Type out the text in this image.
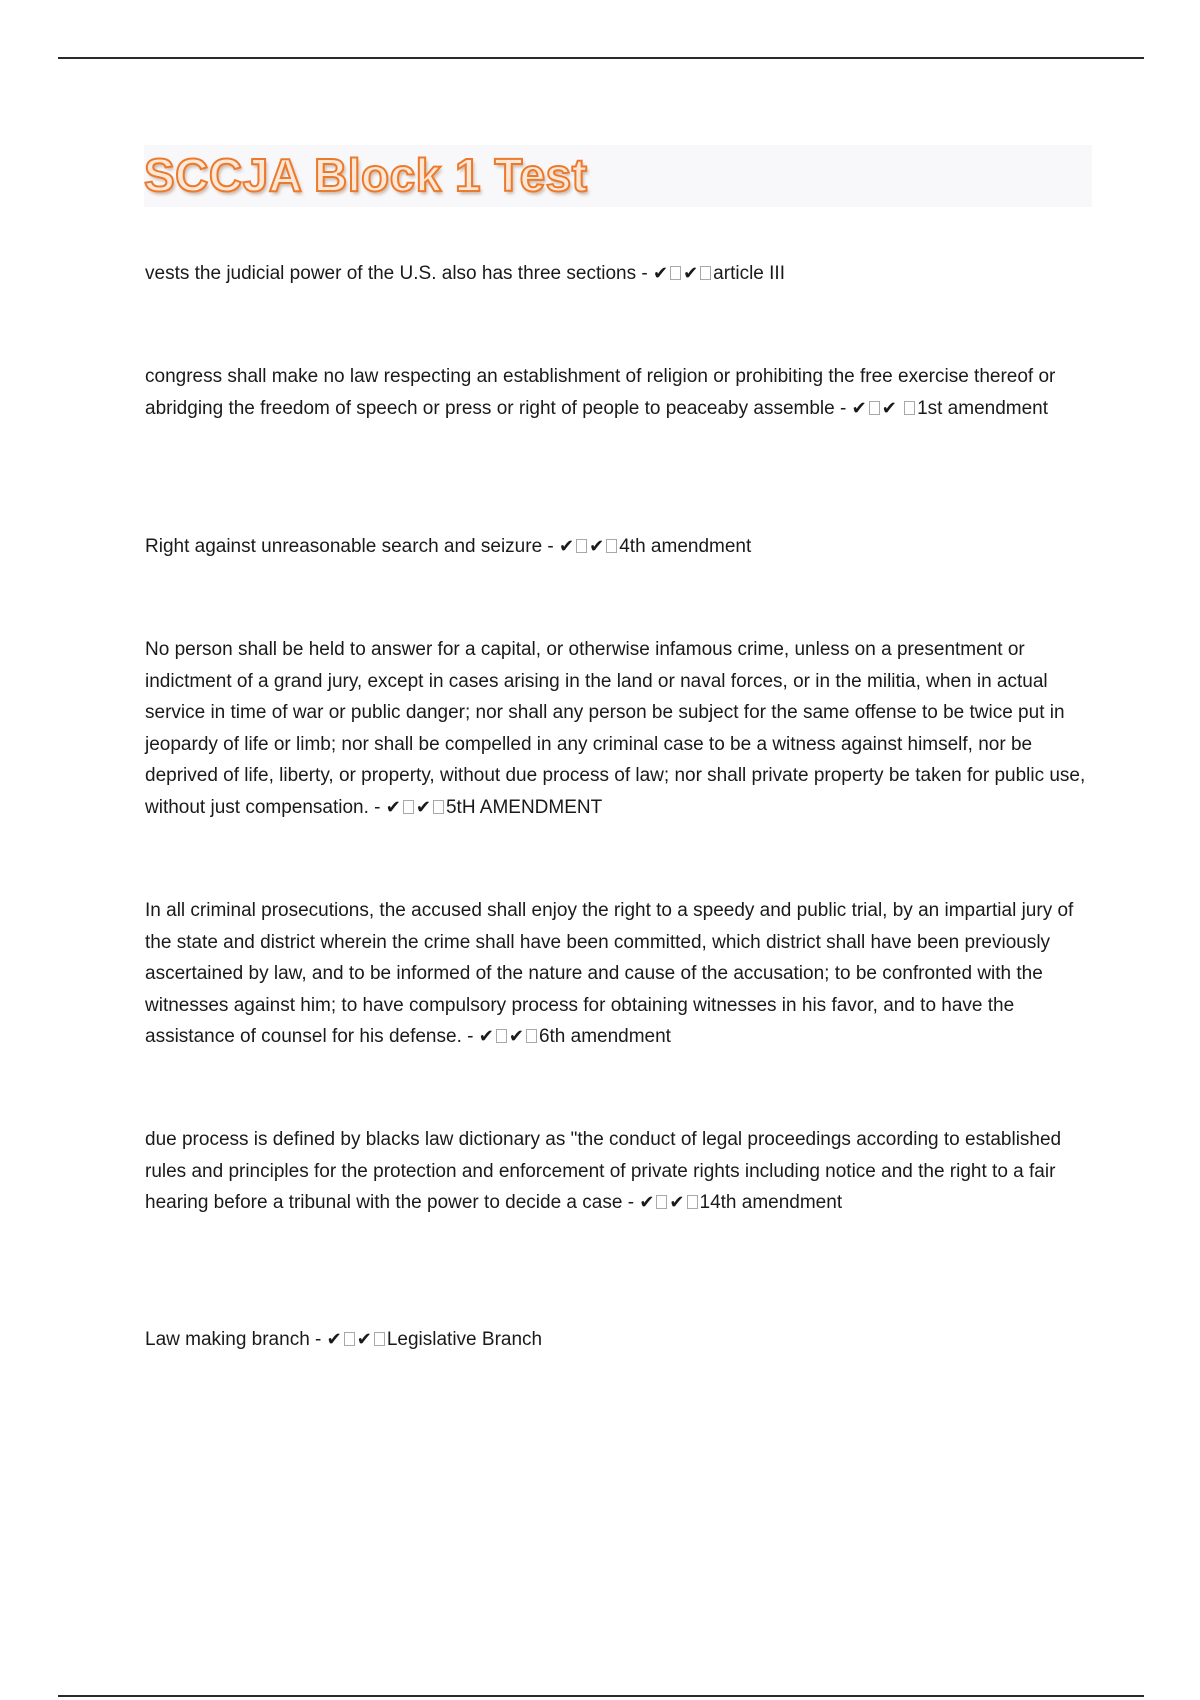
SCCJA Block 1 Test

vests the judicial power of the U.S. also has three sections - ✔ ✔ article III

congress shall make no law respecting an establishment of religion or prohibiting the free exercise thereof or abridging the freedom of speech or press or right of people to peaceaby assemble - ✔ ✔ 1st amendment

Right against unreasonable search and seizure - ✔ ✔ 4th amendment

No person shall be held to answer for a capital, or otherwise infamous crime, unless on a presentment or indictment of a grand jury, except in cases arising in the land or naval forces, or in the militia, when in actual service in time of war or public danger; nor shall any person be subject for the same offense to be twice put in jeopardy of life or limb; nor shall be compelled in any criminal case to be a witness against himself, nor be deprived of life, liberty, or property, without due process of law; nor shall private property be taken for public use, without just compensation. - ✔ ✔ 5tH AMENDMENT

In all criminal prosecutions, the accused shall enjoy the right to a speedy and public trial, by an impartial jury of the state and district wherein the crime shall have been committed, which district shall have been previously ascertained by law, and to be informed of the nature and cause of the accusation; to be confronted with the witnesses against him; to have compulsory process for obtaining witnesses in his favor, and to have the assistance of counsel for his defense. - ✔ ✔ 6th amendment

due process is defined by blacks law dictionary as "the conduct of legal proceedings according to established rules and principles for the protection and enforcement of private rights including notice and the right to a fair hearing before a tribunal with the power to decide a case - ✔ ✔ 14th amendment

Law making branch - ✔ ✔ Legislative Branch
